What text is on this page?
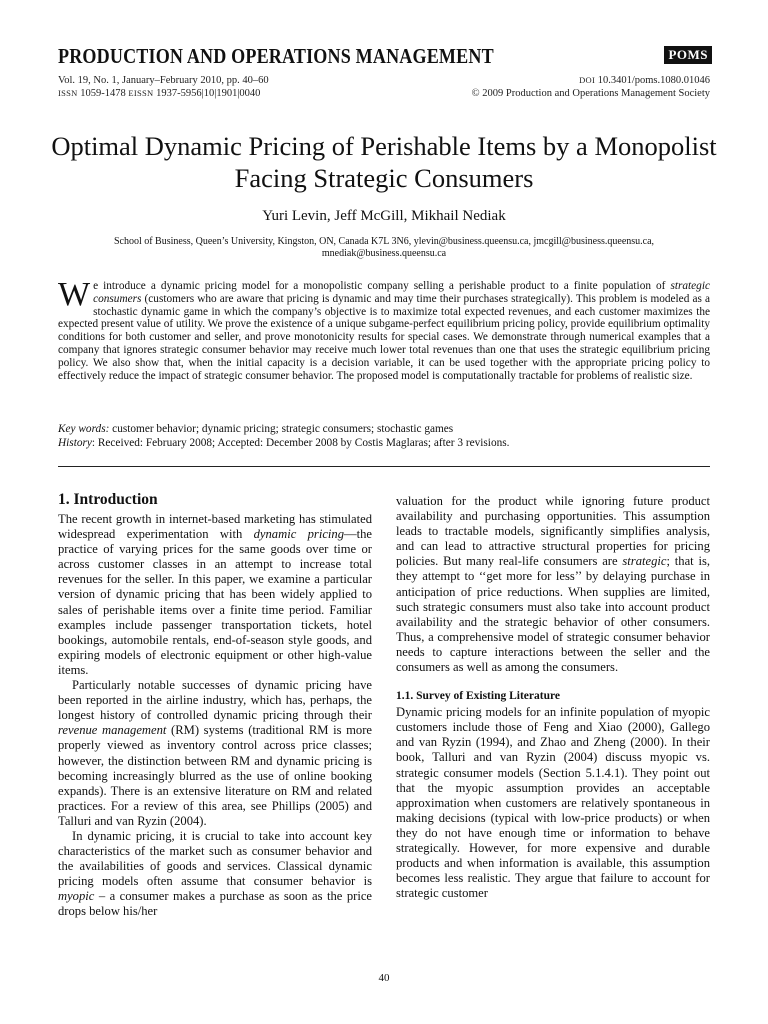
PRODUCTION AND OPERATIONS MANAGEMENT	POMS
Vol. 19, No. 1, January–February 2010, pp. 40–60
ISSN 1059-1478 EISSN 1937-5956|10|1901|0040
DOI 10.3401/poms.1080.01046
© 2009 Production and Operations Management Society
Optimal Dynamic Pricing of Perishable Items by a Monopolist Facing Strategic Consumers
Yuri Levin, Jeff McGill, Mikhail Nediak
School of Business, Queen’s University, Kingston, ON, Canada K7L 3N6, ylevin@business.queensu.ca, jmcgill@business.queensu.ca, mnediak@business.queensu.ca
We introduce a dynamic pricing model for a monopolistic company selling a perishable product to a finite population of strategic consumers (customers who are aware that pricing is dynamic and may time their purchases strategically). This problem is modeled as a stochastic dynamic game in which the company’s objective is to maximize total expected revenues, and each customer maximizes the expected present value of utility. We prove the existence of a unique subgame-perfect equilibrium pricing policy, provide equilibrium optimality conditions for both customer and seller, and prove monotonicity results for special cases. We demonstrate through numerical examples that a company that ignores strategic consumer behavior may receive much lower total revenues than one that uses the strategic equilibrium pricing policy. We also show that, when the initial capacity is a decision variable, it can be used together with the appropriate pricing policy to effectively reduce the impact of strategic consumer behavior. The proposed model is computationally tractable for problems of realistic size.
Key words: customer behavior; dynamic pricing; strategic consumers; stochastic games
History: Received: February 2008; Accepted: December 2008 by Costis Maglaras; after 3 revisions.
1. Introduction

The recent growth in internet-based marketing has stimulated widespread experimentation with dynamic pricing—the practice of varying prices for the same goods over time or across customer classes in an attempt to increase total revenues for the seller. In this paper, we examine a particular version of dynamic pricing that has been widely applied to sales of perishable items over a finite time period. Familiar examples include passenger transportation tickets, hotel bookings, automobile rentals, end-of-season style goods, and expiring models of electronic equipment or other high-value items.

Particularly notable successes of dynamic pricing have been reported in the airline industry, which has, perhaps, the longest history of controlled dynamic pricing through their revenue management (RM) systems (traditional RM is more properly viewed as inventory control across price classes; however, the distinction between RM and dynamic pricing is becoming increasingly blurred as the use of online booking expands). There is an extensive literature on RM and related practices. For a review of this area, see Phillips (2005) and Talluri and van Ryzin (2004).

In dynamic pricing, it is crucial to take into account key characteristics of the market such as consumer behavior and the availabilities of goods and services. Classical dynamic pricing models often assume that consumer behavior is myopic – a consumer makes a purchase as soon as the price drops below his/her

valuation for the product while ignoring future product availability and purchasing opportunities. This assumption leads to tractable models, significantly simplifies analysis, and can lead to attractive structural properties for pricing policies. But many real-life consumers are strategic; that is, they attempt to ‘‘get more for less’’ by delaying purchase in anticipation of price reductions. When supplies are limited, such strategic consumers must also take into account product availability and the strategic behavior of other consumers. Thus, a comprehensive model of strategic consumer behavior needs to capture interactions between the seller and the consumers as well as among the consumers.

1.1. Survey of Existing Literature

Dynamic pricing models for an infinite population of myopic customers include those of Feng and Xiao (2000), Gallego and van Ryzin (1994), and Zhao and Zheng (2000). In their book, Talluri and van Ryzin (2004) discuss myopic vs. strategic consumer models (Section 5.1.4.1). They point out that the myopic assumption provides an acceptable approximation when customers are relatively spontaneous in making decisions (typical with low-price products) or when they do not have enough time or information to behave strategically. However, for more expensive and durable products and when information is available, this assumption becomes less realistic. They argue that failure to account for strategic customer

40
